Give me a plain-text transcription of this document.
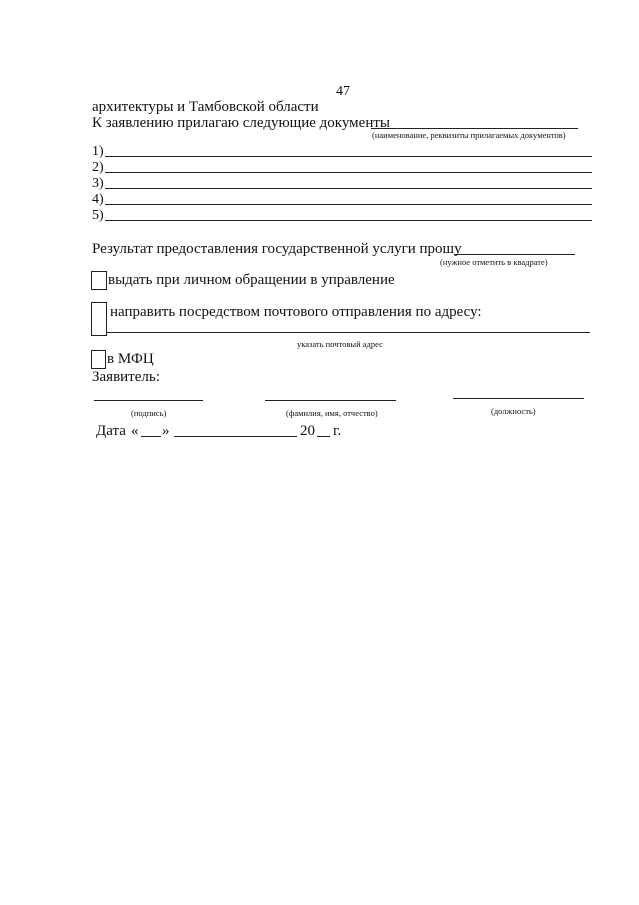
47
архитектуры и Тамбовской области
К заявлению прилагаю следующие документы
(наименование, реквизиты прилагаемых документов)
1)
2)
3)
4)
5)
Результат предоставления государственной услуги прошу
(нужное отметить в квадрате)
выдать при личном обращении в управление
направить посредством почтового отправления по адресу:
указать почтовый адрес
в МФЦ
Заявитель:
(подпись)	(фамилия, имя, отчество)	(должность)
Дата « »	20 г.
